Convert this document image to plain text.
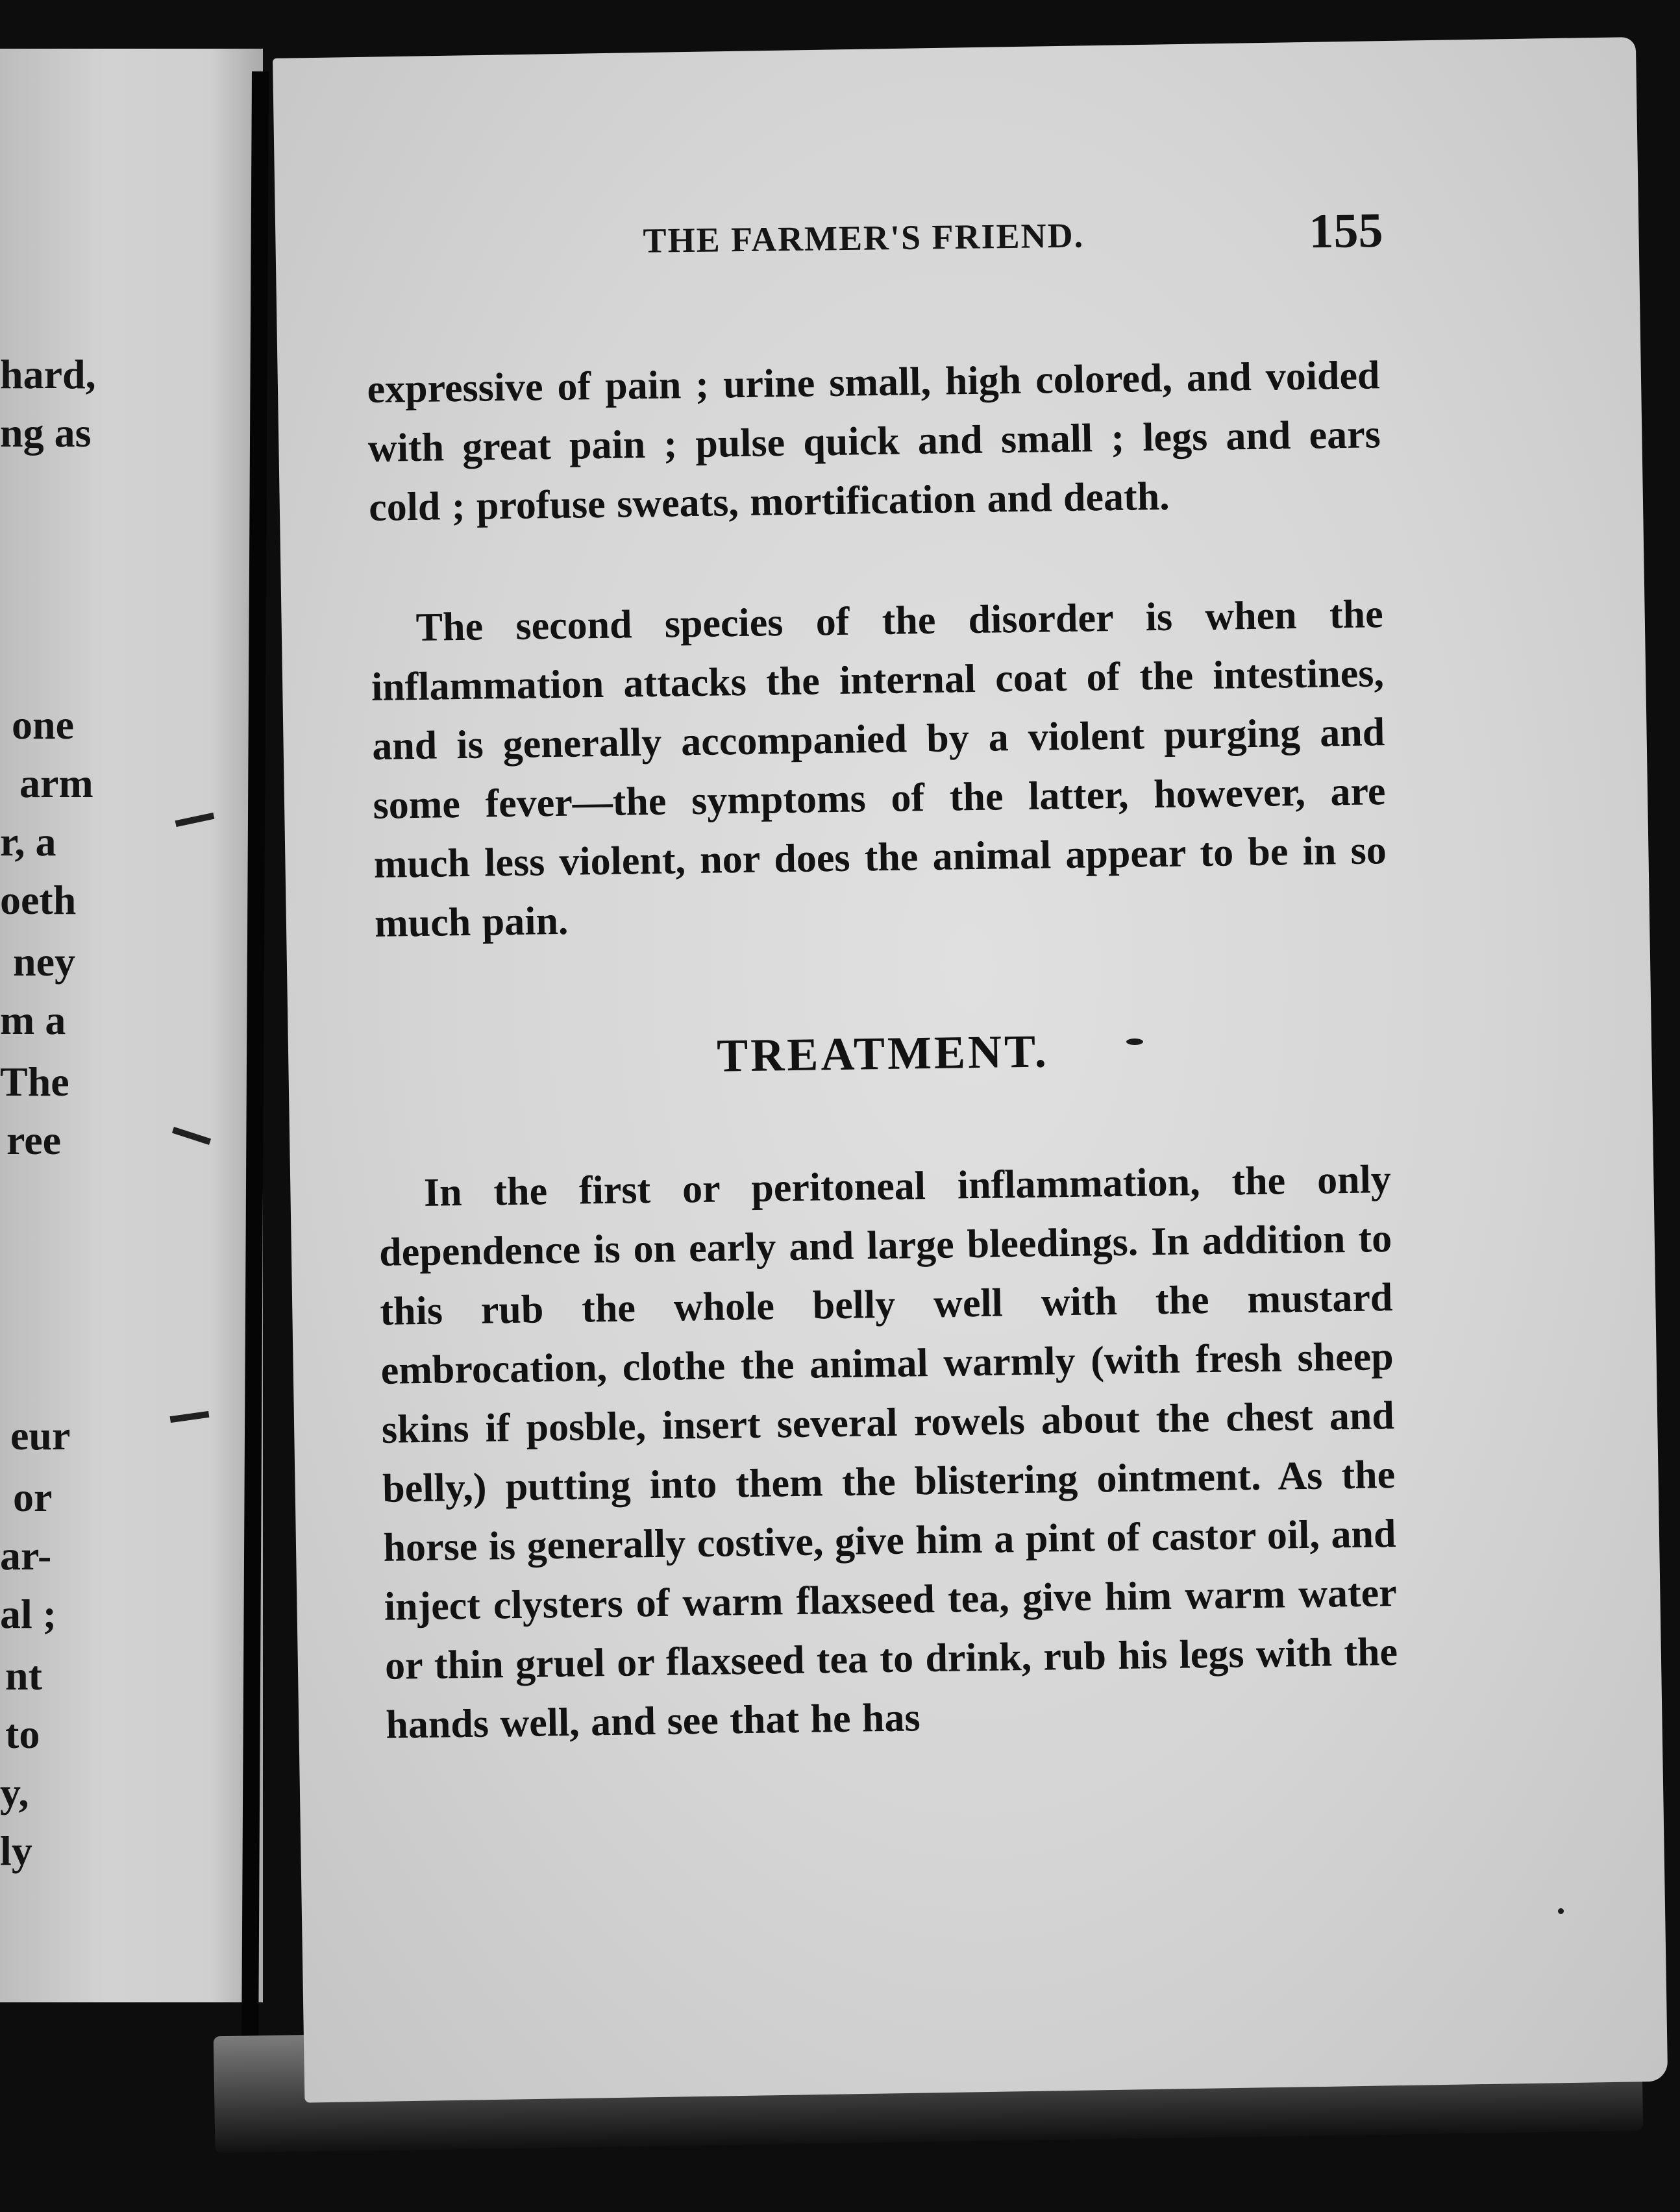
hard,
ng as
one
arm
r, a
oeth
ney
m a
The
ree
eur
or
ar-
al ;
nt
to
y,
ly
THE FARMER'S FRIEND.	155

expressive of pain ; urine small, high colored, and voided with great pain ; pulse quick and small ; legs and ears cold ; profuse sweats, mortification and death.

The second species of the disorder is when the inflammation attacks the internal coat of the intestines, and is generally accompanied by a violent purging and some fever—the symptoms of the latter, however, are much less violent, nor does the animal appear to be in so much pain.

TREATMENT.

In the first or peritoneal inflammation, the only dependence is on early and large bleedings. In addition to this rub the whole belly well with the mustard embrocation, clothe the animal warmly (with fresh sheep skins if posble, insert several rowels about the chest and belly,) putting into them the blistering ointment. As the horse is generally costive, give him a pint of castor oil, and inject clysters of warm flaxseed tea, give him warm water or thin gruel or flaxseed tea to drink, rub his legs with the hands well, and see that he has
